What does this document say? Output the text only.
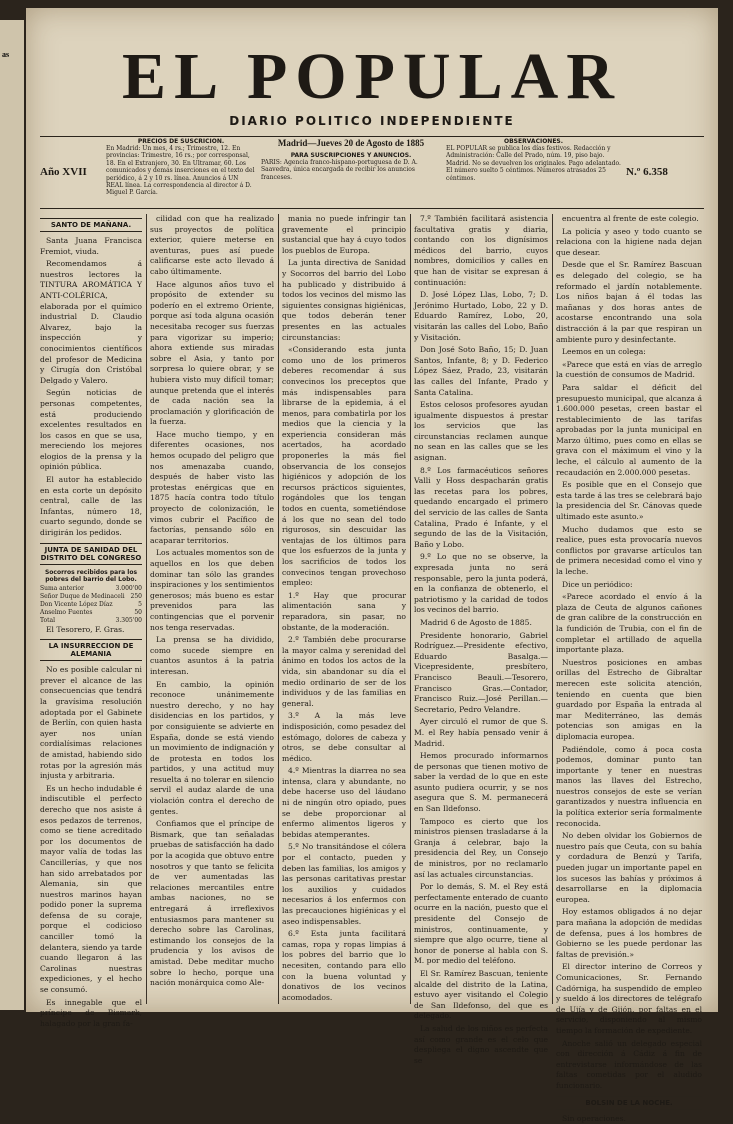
as	EL POPULAR
DIARIO POLITICO INDEPENDIENTE
PRECIOS DE SUSCRICION.
En Madrid: Un mes, 4 rs.; Trimestre, 12. En provincias: Trimestre, 16 rs.; por corresponsal, 18. En el Extranjero, 30. En Ultramar, 60. Los comunicados y demás inserciones en el texto del periódico, á 2 y 10 rs. línea. Anuncios á UN REAL línea. La correspondencia al director á D. Miguel P. García.
Madrid—Jueves 20 de Agosto de 1885
PARA SUSCRIPCIONES Y ANUNCIOS.
PARIS: Agencia franco-hispano-portuguesa de D. A. Saavedra, única encargada de recibir los anuncios franceses.
OBSERVACIONES.
EL POPULAR se publica los días festivos. Redacción y Administración: Calle del Prado, núm. 19, piso bajo. Madrid. No se devuelven los originales. Pago adelantado. El número suelto 5 céntimos. Números atrasados 25 céntimos.
Año XVII	N.º 6.358

SANTO DE MAÑANA.

Santa Juana Francisca Fremiot, viuda.

Recomendamos á nuestros lectores la TINTURA AROMÁTICA Y ANTI-COLÉRICA, elaborada por el químico industrial D. Claudio Alvarez, bajo la inspección y conocimientos científicos del profesor de Medicina y Cirugía don Cristóbal Delgado y Valero.

Según noticias de personas competentes, está produciendo excelentes resultados en los casos en que se usa, mereciendo los mejores elogios de la prensa y la opinión pública.

El autor ha establecido en esta corte un depósito central, calle de las Infantas, número 18, cuarto segundo, donde se dirigirán los pedidos.

JUNTA DE SANIDAD DEL DISTRITO DEL CONGRESO

Socorros recibidos para los pobres del barrio del Lobo.

Suma anterior	3.000'00
Señor Duque de Medinaceli 250
Don Vicente López Díaz	5
Anselmo Fuentes	50
Total	3.305'00

El Tesorero, F. Gras.

LA INSURRECCION DE ALEMANIA

No es posible calcular ni prever el alcance de las consecuencias que tendrá la gravísima resolución adoptada por el Gabinete de Berlín, con quien hasta ayer nos unían cordialísimas relaciones de amistad, habiendo sido rotas por la agresión más injusta y arbitraria.

Es un hecho indudable é indiscutible el perfecto derecho que nos asiste á esos pedazos de terrenos, como se tiene acreditado por los documentos de mayor valía de todas las Cancillerías, y que nos han sido arrebatados por Alemania, sin que nuestros marinos hayan podido poner la suprema defensa de su coraje, porque el codicioso canciller tomó la delantera, siendo ya tarde cuando llegaron á las Carolinas nuestras expediciones, y el hecho se consumó.

Es innegable que el príncipe de Bismark, halagado por la gran fa-

cilidad con que ha realizado sus proyectos de política exterior, quiere meterse en aventuras, pues así puede calificarse este acto llevado á cabo últimamente.

Hace algunos años tuvo el propósito de extender su poderío en el extremo Oriente, porque así toda alguna ocasión necesitaba recoger sus fuerzas para vigorizar su imperio; ahora extiende sus miradas sobre el Asia, y tanto por sorpresa lo quiere obrar, y se hubiera visto muy difícil tomar; aunque pretenda que el interés de cada nación sea la proclamación y glorificación de la fuerza.

Hace mucho tiempo, y en diferentes ocasiones, nos hemos ocupado del peligro que nos amenazaba cuando, después de haber visto las protestas enérgicas que en 1875 hacía contra todo título proyecto de colonización, le vimos cubrir el Pacífico de factorías, pensando sólo en acaparar territorios.

Los actuales momentos son de aquellos en los que deben dominar tan sólo las grandes inspiraciones y los sentimientos generosos; más bueno es estar prevenidos para las contingencias que el porvenir nos tenga reservadas.

La prensa se ha dividido, como sucede siempre en cuantos asuntos á la patria interesan.

En cambio, la opinión reconoce unánimemente nuestro derecho, y no hay disidencias en los partidos, y por consiguiente se advierte en España, donde se está viendo un movimiento de indignación y de protesta en todos los partidos, y una actitud muy resuelta á no tolerar en silencio servil el audaz alarde de una violación contra el derecho de gentes.

Confiamos que el príncipe de Bismark, que tan señaladas pruebas de satisfacción ha dado por la acogida que obtuvo entre nosotros y que tanto se felicita de ver aumentadas las relaciones mercantiles entre ambas naciones, no se entregará á irreflexivos entusiasmos para mantener su derecho sobre las Carolinas, estimando los consejos de la prudencia y los avisos de amistad. Debe meditar mucho sobre lo hecho, porque una nación monárquica como Ale-

mania no puede infringir tan gravemente el principio sustancial que hay á cuyo todos los pueblos de Europa.

La junta directiva de Sanidad y Socorros del barrio del Lobo ha publicado y distribuido á todos los vecinos del mismo las siguientes consignas higiénicas, que todos deberán tener presentes en las actuales circunstancias:

«Considerando esta junta como uno de los primeros deberes recomendar á sus convecinos los preceptos que más indispensables para librarse de la epidemia, á el menos, para combatirla por los medios que la ciencia y la experiencia consideran más acertados, ha acordado proponerles la más fiel observancia de los consejos higiénicos y adopción de los recursos prácticos siguientes, rogándoles que los tengan todos en cuenta, sometiéndose á los que no sean del todo rigurosos, sin descuidar las ventajas de los últimos para que los esfuerzos de la junta y los sacrificios de todos los convecinos tengan provechoso empleo:

1.º Hay que procurar alimentación sana y reparadora, sin pasar, no obstante, de la moderación.

2.º También debe procurarse la mayor calma y serenidad del ánimo en todos los actos de la vida, sin abandonar su día el medio ordinario de ser de los individuos y de las familias en general.

3.º A la más leve indisposición, como pesadez del estómago, dolores de cabeza y otros, se debe consultar al médico.

4.º Mientras la diarrea no sea intensa, clara y abundante, no debe hacerse uso del láudano ni de ningún otro opiado, pues se debe proporcionar al enfermo alimentos ligeros y bebidas atemperantes.

5.º No transitándose el cólera por el contacto, pueden y deben las familias, los amigos y las personas caritativas prestar los auxilios y cuidados necesarios á los enfermos con las precauciones higiénicas y el aseo indispensables.

6.º Esta junta facilitará camas, ropa y ropas limpias á los pobres del barrio que lo necesiten, contando para ello con la buena voluntad y donativos de los vecinos acomodados.

7.º También facilitará asistencia facultativa gratis y diaria, contando con los dignísimos médicos del barrio, cuyos nombres, domicilios y calles en que han de visitar se expresan á continuación:

D. José López Llas, Lobo, 7; D. Jerónimo Hurtado, Lobo, 22 y D. Eduardo Ramírez, Lobo, 20, visitarán las calles del Lobo, Baño y Visitación.

Don José Soto Baño, 15; D. Juan Santos, Infante, 8; y D. Federico López Sáez, Prado, 23, visitarán las calles del Infante, Prado y Santa Catalina.

Estos celosos profesores ayudan igualmente dispuestos á prestar los servicios que las circunstancias reclamen aunque no sean en las calles que se les asignan.

8.º Los farmacéuticos señores Valli y Hoss despacharán gratis las recetas para los pobres, quedando encargado el primero del servicio de las calles de Santa Catalina, Prado é Infante, y el segundo de las de la Visitación, Baño y Lobo.

9.º Lo que no se observe, la expresada junta no será responsable, pero la junta poderá, en la confianza de obtenerlo, el patriotismo y la caridad de todos los vecinos del barrio.

Madrid 6 de Agosto de 1885.

Presidente honorario, Gabriel Rodríguez.—Presidente efectivo, Eduardo Basalga.—Vicepresidente, presbítero, Francisco Beauli.—Tesorero, Francisco Gras.—Contador, Francisco Ruiz.—José Perillan.—Secretario, Pedro Velandre.

Ayer circuló el rumor de que S. M. el Rey había pensado venir á Madrid.

Hemos procurado informarnos de personas que tienen motivo de saber la verdad de lo que en este asunto pudiera ocurrir, y se nos asegura que S. M. permanecerá en San Ildefonso.

Tampoco es cierto que los ministros piensen trasladarse á la Granja á celebrar, bajo la presidencia del Rey, un Consejo de ministros, por no reclamarlo así las actuales circunstancias.

Por lo demás, S. M. el Rey está perfectamente enterado de cuanto ocurre en la nación, puesto que el presidente del Consejo de ministros, continuamente, y siempre que algo ocurre, tiene al honor de ponerse al habla con S. M. por medio del teléfono.

El Sr. Ramírez Bascuan, teniente alcalde del distrito de la Latina, estuvo ayer visitando el Colegio de San Ildefonso, del que es delegado.

La salud de los niños es perfecta así como grande es el celo que despliega el digno ascendte que se

encuentra al frente de este colegio.

La policía y aseo y todo cuanto se relaciona con la higiene nada dejan que desear.

Desde que el Sr. Ramírez Bascuan es delegado del colegio, se ha reformado el jardín notablemente. Los niños bajan á él todas las mañanas y dos horas antes de acostarse encontrando una sola distracción á la par que respiran un ambiente puro y desinfectante.

Leemos en un colega:

«Parece que está en vías de arreglo la cuestión de consumos de Madrid.

Para saldar el déficit del presupuesto municipal, que alcanza á 1.600.000 pesetas, creen bastar el restablecimiento de las tarifas aprobadas por la junta municipal en Marzo último, pues como en ellas se grava con el máximum el vino y la leche, el cálculo al aumento de la recaudación en 2.000.000 pesetas.

Es posible que en el Consejo que esta tarde á las tres se celebrará bajo la presidencia del Sr. Cánovas quede ultimado este asunto.»

Mucho dudamos que esto se realice, pues esta provocaría nuevos conflictos por gravarse artículos tan de primera necesidad como el vino y la leche.

Dice un periódico:

«Parece acordado el envío á la plaza de Ceuta de algunos cañones de gran calibre de la construcción en la fundición de Trubia, con el fin de completar el artillado de aquella importante plaza.

Nuestros posiciones en ambas orillas del Estrecho de Gibraltar merecen este solicita atención, teniendo en cuenta que bien guardado por España la entrada al mar Mediterráneo, las demás potencias son amigas en la diplomacia europea.

Padiéndole, como á poca costa podemos, dominar punto tan importante y tener en nuestras manos las llaves del Estrecho, nuestros consejos de este se verían garantizados y nuestra influencia en la política exterior sería formalmente reconocida.

No deben olvidar los Gobiernos de nuestro país que Ceuta, con su bahía y cordadura de Benzú y Tarifa, pueden jugar un importante papel en los sucesos las bahías y próximos á desarrollarse en la diplomacia europea.

Hoy estamos obligados á no dejar para mañana la adopción de medidas de defensa, pues á los hombres de Gobierno se les puede perdonar las faltas de previsión.»

El director interino de Correos y Comunicaciones, Sr. Fernando Cadórniga, ha suspendido de empleo y sueldo á los directores de telégrafo de Ujía y de Gijón, por faltas en el servicio, disponiendo al mismo tiempo la formación de expediente.

Anoche salió un delegado especial con dirección á Cádiz á fin de entrevistarse informándose de las faltas cometidas por el aludido funcionario.

BOLSIN DE LA NOCHE.

Sin operaciones.
